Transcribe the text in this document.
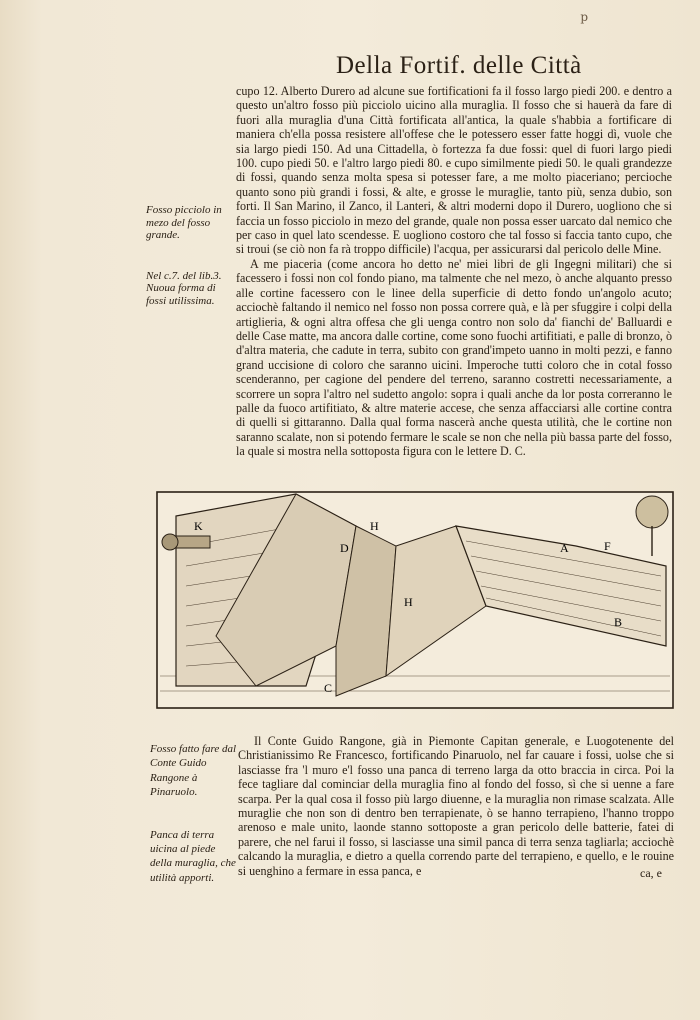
p
Della Fortif. delle Città

cupo 12. Alberto Durero ad alcune sue fortificationi fa il fosso largo piedi 200. e dentro a questo un'altro fosso più picciolo uicino alla muraglia. Il fosso che si hauerà da fare di fuori alla muraglia d'una Città fortificata all'antica, la quale s'habbia a fortificare di maniera ch'ella possa resistere all'offese che le potessero esser fatte hoggi dì, vuole che sia largo piedi 150. Ad una Cittadella, ò fortezza fa due fossi: quel di fuori largo piedi 100. cupo piedi 50. e l'altro largo piedi 80. e cupo similmente piedi 50. le quali grandezze di fossi, quando senza molta spesa si potesser fare, a me molto piaceriano; percioche quanto sono più grandi i fossi, & alte, e grosse le muraglie, tanto più, senza dubio, son forti. Il San Marino, il Zanco, il Lanteri, & altri moderni dopo il Durero, uogliono che si faccia un fosso picciolo in mezo del grande, quale non possa esser uarcato dal nemico che per caso in quel lato scendesse. E uogliono costoro che tal fosso si faccia tanto cupo, che si troui (se ciò non fa rà troppo difficile) l'acqua, per assicurarsi dal pericolo delle Mine.

A me piaceria (come ancora ho detto ne' miei libri de gli Ingegni militari) che si facessero i fossi non col fondo piano, ma talmente che nel mezo, ò anche alquanto presso alle cortine facessero con le linee della superficie di detto fondo un'angolo acuto; acciochè faltando il nemico nel fosso non possa correre quà, e là per sfuggire i colpi della artiglieria, & ogni altra offesa che gli uenga contro non solo da' fianchi de' Balluardi e delle Case matte, ma ancora dalle cortine, come sono fuochi artifitiati, e palle di bronzo, ò d'altra materia, che cadute in terra, subito con grand'impeto uanno in molti pezzi, e fanno grand uccisione di coloro che saranno uicini. Imperoche tutti coloro che in cotal fosso scenderanno, per cagione del pendere del terreno, saranno costretti necessariamente, a scorrere un sopra l'altro nel sudetto angolo: sopra i quali anche da lor posta correranno le palle da fuoco artifitiato, & altre materie accese, che senza affacciarsi alle cortine contra di quelli si gittaranno. Dalla qual forma nascerà anche questa utilità, che le cortine non saranno scalate, non si potendo fermare le scale se non che nella più bassa parte del fosso, la quale si mostra nella sottoposta figura con le lettere D. C.

Fosso picciolo in mezo del fosso grande.
Nel c.7. del lib.3. Nuoua forma di fossi utilissima.
K
D
H
H
A	F
B
C
Fosso fatto fare dal Conte Guido Rangone à Pinaruolo.
Panca di terra uicina al piede della muraglia, che utilità apporti.

Il Conte Guido Rangone, già in Piemonte Capitan generale, e Luogotenente del Christianissimo Re Francesco, fortificando Pinaruolo, nel far cauare i fossi, uolse che si lasciasse fra 'l muro e'l fosso una panca di terreno larga da otto braccia in circa. Poi la fece tagliare dal cominciar della muraglia fino al fondo del fosso, sì che si uenne a fare scarpa. Per la qual cosa il fosso più largo diuenne, e la muraglia non rimase scalzata. Alle muraglie che non son di dentro ben terrapienate, ò se hanno terrapieno, l'hanno troppo arenoso e male unito, laonde stanno sottoposte a gran pericolo delle batterie, fatei di parere, che nel farui il fosso, si lasciasse una simil panca di terra senza tagliarla; acciochè calcando la muraglia, e dietro a quella correndo parte del terrapieno, e quello, e le rouine si uenghino a fermare in essa panca, e	ca, e
